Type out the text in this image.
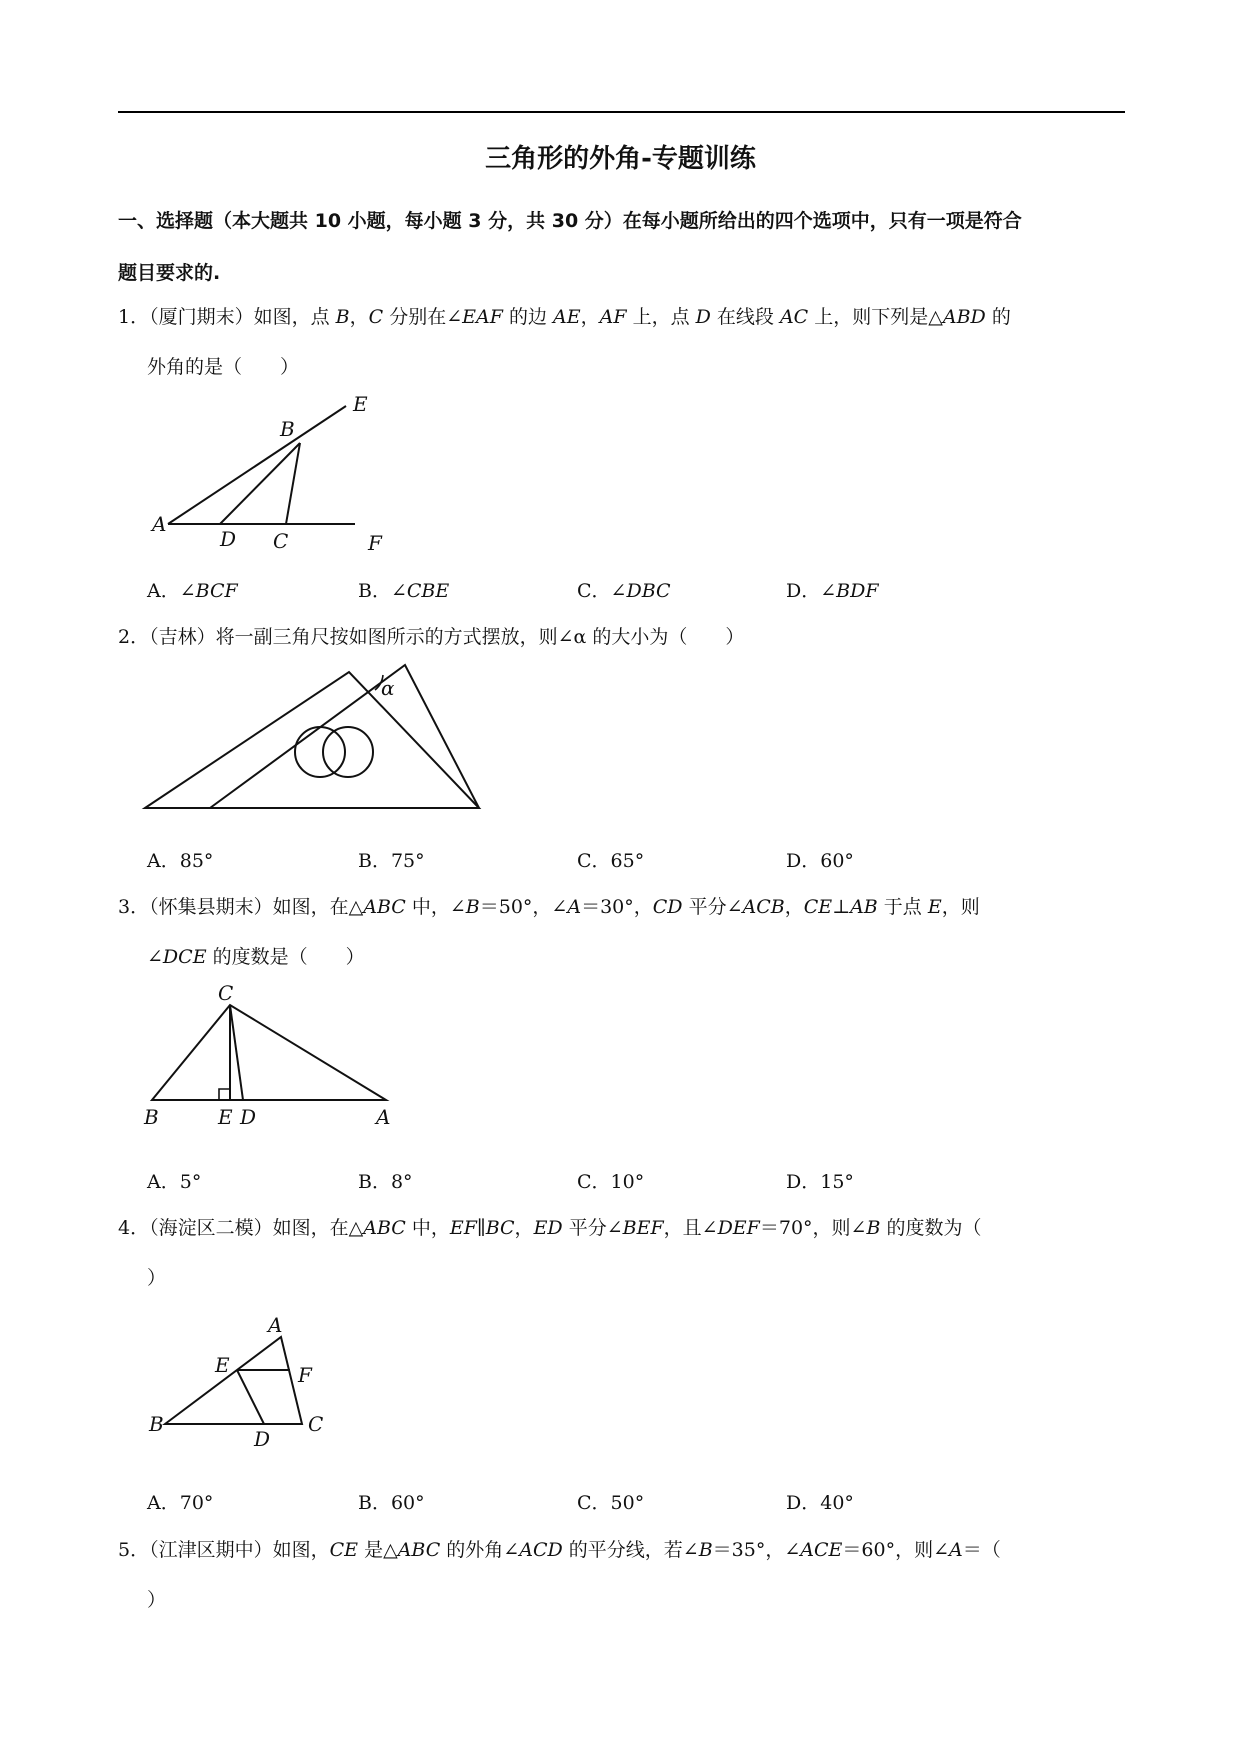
三角形的外角-专题训练
一、选择题（本大题共 10 小题，每小题 3 分，共 30 分）在每小题所给出的四个选项中，只有一项是符合
题目要求的.
1．（厦门期末）如图，点 B，C 分别在∠EAF 的边 AE，AF 上，点 D 在线段 AC 上，则下列是△ABD 的
外角的是（　　）
A
B
C
D
E
F
A．∠BCF	B．∠CBE	C．∠DBC	D．∠BDF
2．（吉林）将一副三角尺按如图所示的方式摆放，则∠α 的大小为（　　）
α
A．85°	B．75°	C．65°	D．60°
3．（怀集县期末）如图，在△ABC 中，∠B＝50°，∠A＝30°，CD 平分∠ACB，CE⊥AB 于点 E，则
∠DCE 的度数是（　　）
B
C
E D	A
A．5°	B．8°	C．10°	D．15°
4．（海淀区二模）如图，在△ABC 中，EF∥BC，ED 平分∠BEF，且∠DEF＝70°，则∠B 的度数为（
）
B
A
E	F
C
D
A．70°	B．60°	C．50°	D．40°
5．（江津区期中）如图，CE 是△ABC 的外角∠ACD 的平分线，若∠B＝35°，∠ACE＝60°，则∠A＝（
）
